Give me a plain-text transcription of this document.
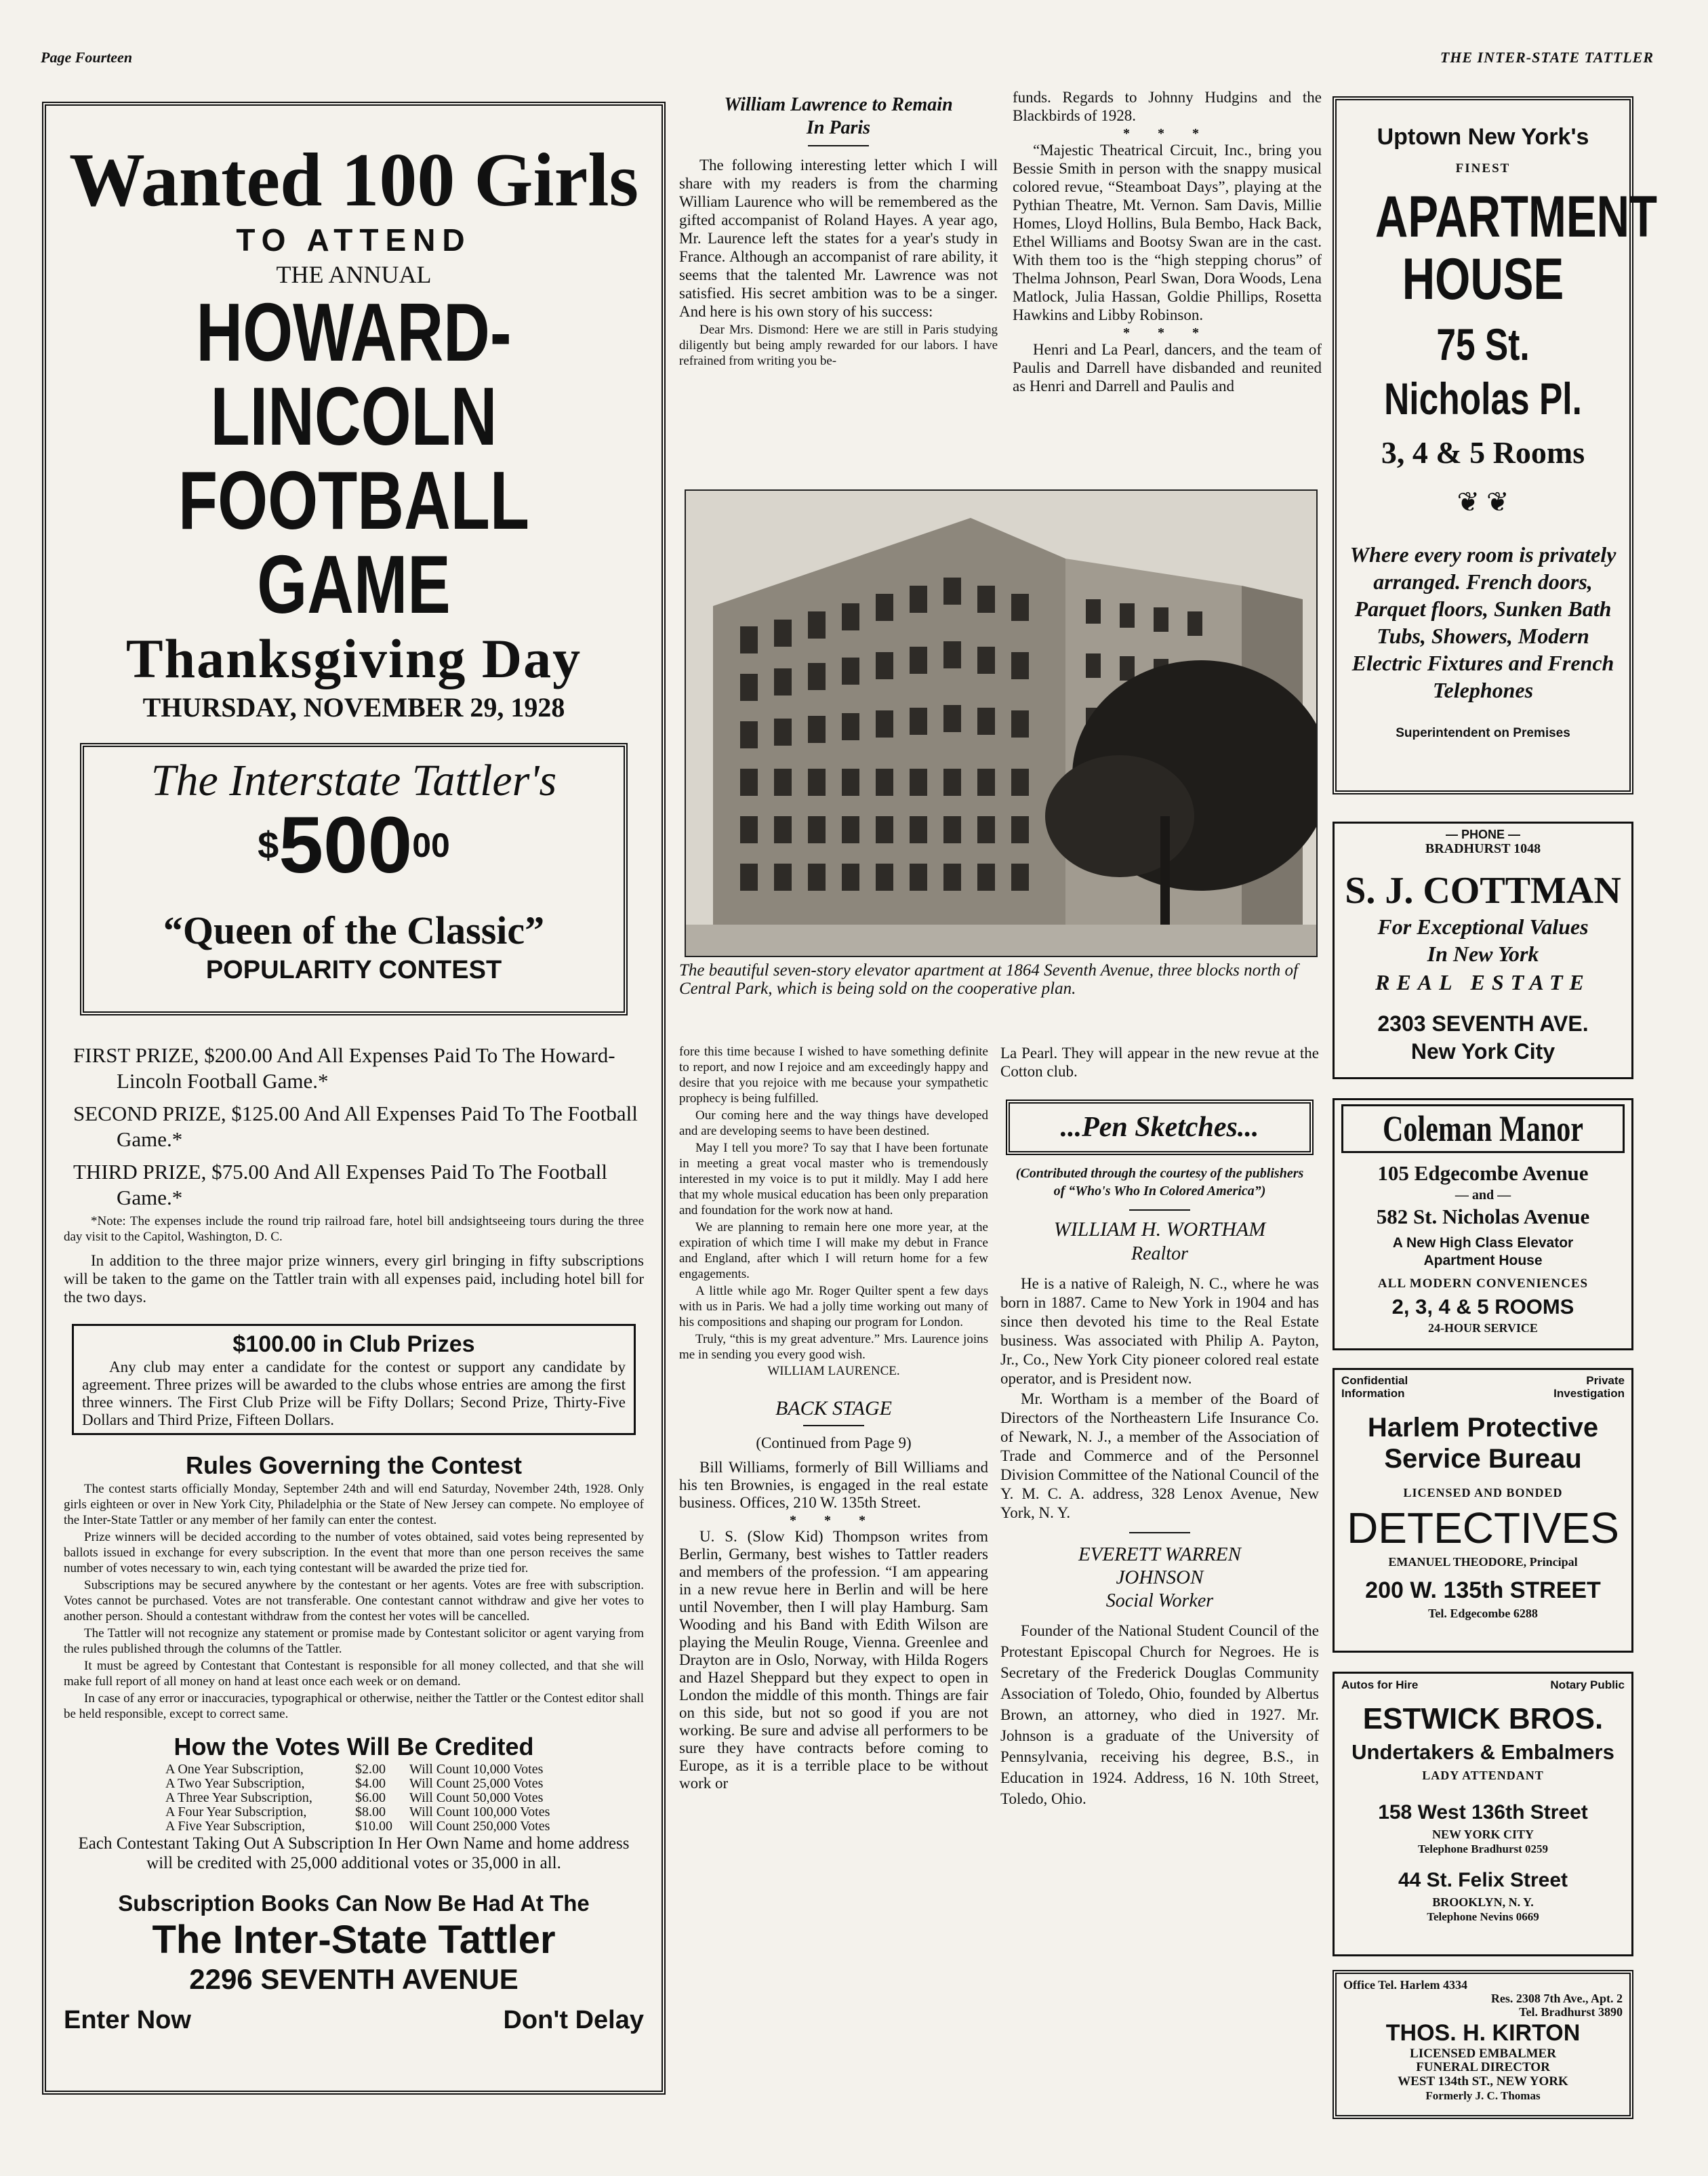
Page Fourteen	THE INTER-STATE TATTLER
Wanted 100 Girls
TO ATTEND
THE ANNUAL
HOWARD-LINCOLN
FOOTBALL GAME
Thanksgiving Day
THURSDAY, NOVEMBER 29, 1928
The Interstate Tattler's
$50000
“Queen of the Classic”
POPULARITY CONTEST
FIRST PRIZE, $200.00 And All Expenses Paid To The Howard-Lincoln Football Game.*
SECOND PRIZE, $125.00 And All Expenses Paid To The Football Game.*
THIRD PRIZE, $75.00 And All Expenses Paid To The Football Game.*
*Note: The expenses include the round trip railroad fare, hotel bill andsightseeing tours during the three day visit to the Capitol, Washington, D. C.
In addition to the three major prize winners, every girl bringing in fifty subscriptions will be taken to the game on the Tattler train with all expenses paid, including hotel bill for the two days.
$100.00 in Club Prizes
Any club may enter a candidate for the contest or support any candidate by agreement. Three prizes will be awarded to the clubs whose entries are among the first three winners. The First Club Prize will be Fifty Dollars; Second Prize, Thirty-Five Dollars and Third Prize, Fifteen Dollars.
Rules Governing the Contest

The contest starts officially Monday, September 24th and will end Saturday, November 24th, 1928. Only girls eighteen or over in New York City, Philadelphia or the State of New Jersey can compete. No employee of the Inter-State Tattler or any member of her family can enter the contest.

Prize winners will be decided according to the number of votes obtained, said votes being represented by ballots issued in exchange for every subscription. In the event that more than one person receives the same number of votes necessary to win, each tying contestant will be awarded the prize tied for.

Subscriptions may be secured anywhere by the contestant or her agents. Votes are free with subscription. Votes cannot be purchased. Votes are not transferable. One contestant cannot withdraw and give her votes to another person. Should a contestant withdraw from the contest her votes will be cancelled.

The Tattler will not recognize any statement or promise made by Contestant solicitor or agent varying from the rules published through the columns of the Tattler.

It must be agreed by Contestant that Contestant is responsible for all money collected, and that she will make full report of all money on hand at least once each week or on demand.

In case of any error or inaccuracies, typographical or otherwise, neither the Tattler or the Contest editor shall be held responsible, except to correct same.

How the Votes Will Be Credited
A One Year Subscription,	$2.00	Will Count 10,000 Votes
A Two Year Subscription,	$4.00	Will Count 25,000 Votes
A Three Year Subscription,	$6.00	Will Count 50,000 Votes
A Four Year Subscription,	$8.00	Will Count 100,000 Votes
A Five Year Subscription,	$10.00	Will Count 250,000 Votes
Each Contestant Taking Out A Subscription In Her Own Name and home address will be credited with 25,000 additional votes or 35,000 in all.
Subscription Books Can Now Be Had At The
The Inter-State Tattler
2296 SEVENTH AVENUE
Enter Now	Don't Delay
William Lawrence to Remain
In Paris

The following interesting letter which I will share with my readers is from the charming William Laurence who will be remembered as the gifted accompanist of Roland Hayes. A year ago, Mr. Laurence left the states for a year's study in France. Although an accompanist of rare ability, it seems that the talented Mr. Lawrence was not satisfied. His secret ambition was to be a singer. And here is his own story of his success:

Dear Mrs. Dismond: Here we are still in Paris studying diligently but being amply rewarded for our labors. I have refrained from writing you be-

funds. Regards to Johnny Hudgins and the Blackbirds of 1928.

* * *

“Majestic Theatrical Circuit, Inc., bring you Bessie Smith in person with the snappy musical colored revue, “Steamboat Days”, playing at the Pythian Theatre, Mt. Vernon. Sam Davis, Millie Homes, Lloyd Hollins, Bula Bembo, Hack Back, Ethel Williams and Bootsy Swan are in the cast. With them too is the “high stepping chorus” of Thelma Johnson, Pearl Swan, Dora Woods, Lena Matlock, Julia Hassan, Goldie Phillips, Rosetta Hawkins and Libby Robinson.

* * *

Henri and La Pearl, dancers, and the team of Paulis and Darrell have disbanded and reunited as Henri and Darrell and Paulis and

The beautiful seven-story elevator apartment at 1864 Seventh Avenue, three blocks north of Central Park, which is being sold on the cooperative plan.

fore this time because I wished to have something definite to report, and now I rejoice and am exceedingly happy and desire that you rejoice with me because your sympathetic prophecy is being fulfilled.

Our coming here and the way things have developed and are developing seems to have been destined.

May I tell you more? To say that I have been fortunate in meeting a great vocal master who is tremendously interested in my voice is to put it mildly. May I add here that my whole musical education has been only preparation and foundation for the work now at hand.

We are planning to remain here one more year, at the expiration of which time I will make my debut in France and England, after which I will return home for a few engagements.

A little while ago Mr. Roger Quilter spent a few days with us in Paris. We had a jolly time working out many of his compositions and shaping our program for London.

Truly, “this is my great adventure.” Mrs. Laurence joins me in sending you every good wish.

WILLIAM LAURENCE.
BACK STAGE
(Continued from Page 9)

Bill Williams, formerly of Bill Williams and his ten Brownies, is engaged in the real estate business. Offices, 210 W. 135th Street.

* * *

U. S. (Slow Kid) Thompson writes from Berlin, Germany, best wishes to Tattler readers and members of the profession. “I am appearing in a new revue here in Berlin and will be here until November, then I will play Hamburg. Sam Wooding and his Band with Edith Wilson are playing the Meulin Rouge, Vienna. Greenlee and Drayton are in Oslo, Norway, with Hilda Rogers and Hazel Sheppard but they expect to open in London the middle of this month. Things are fair on this side, but not so good if you are not working. Be sure and advise all performers to be sure they have contracts before coming to Europe, as it is a terrible place to be without work or

La Pearl. They will appear in the new revue at the Cotton club.

...Pen Sketches...
(Contributed through the courtesy of the publishers of “Who's Who In Colored America”)
WILLIAM H. WORTHAM
Realtor

He is a native of Raleigh, N. C., where he was born in 1887. Came to New York in 1904 and has since then devoted his time to the Real Estate business. Was associated with Philip A. Payton, Jr., Co., New York City pioneer colored real estate operator, and is President now.

Mr. Wortham is a member of the Board of Directors of the Northeastern Life Insurance Co. of Newark, N. J., a member of the Association of Trade and Commerce and of the Personnel Division Committee of the National Council of the Y. M. C. A. address, 328 Lenox Avenue, New York, N. Y.

EVERETT WARREN
JOHNSON
Social Worker

Founder of the National Student Council of the Protestant Episcopal Church for Negroes. He is Secretary of the Frederick Douglas Community Association of Toledo, Ohio, founded by Albertus Brown, an attorney, who died in 1927. Mr. Johnson is a graduate of the University of Pennsylvania, receiving his degree, B.S., in Education in 1924. Address, 16 N. 10th Street, Toledo, Ohio.

Uptown New York's
FINEST
APARTMENT
HOUSE
75 St. Nicholas Pl.
3, 4 & 5 Rooms
❦ ❦
Where every room is privately arranged. French doors, Parquet floors, Sunken Bath Tubs, Showers, Modern Electric Fixtures and French Telephones
Superintendent on Premises
— PHONE —
BRADHURST 1048
S. J. COTTMAN
For Exceptional Values
In New York
REAL ESTATE
2303 SEVENTH AVE.
New York City
Coleman Manor
105 Edgecombe Avenue
— and —
582 St. Nicholas Avenue
A New High Class Elevator
Apartment House
ALL MODERN CONVENIENCES
2, 3, 4 & 5 ROOMS
24-HOUR SERVICE
Confidential
Information
Private
Investigation
Harlem Protective
Service Bureau
LICENSED AND BONDED
DETECTIVES
EMANUEL THEODORE, Principal
200 W. 135th STREET
Tel. Edgecombe 6288
Autos for Hire	Notary Public
ESTWICK BROS.
Undertakers & Embalmers
LADY ATTENDANT
158 West 136th Street
NEW YORK CITY
Telephone Bradhurst 0259
44 St. Felix Street
BROOKLYN, N. Y.
Telephone Nevins 0669
Office Tel. Harlem 4334
Res. 2308 7th Ave., Apt. 2
Tel. Bradhurst 3890
THOS. H. KIRTON
LICENSED EMBALMER
FUNERAL DIRECTOR
WEST 134th ST., NEW YORK
Formerly J. C. Thomas
